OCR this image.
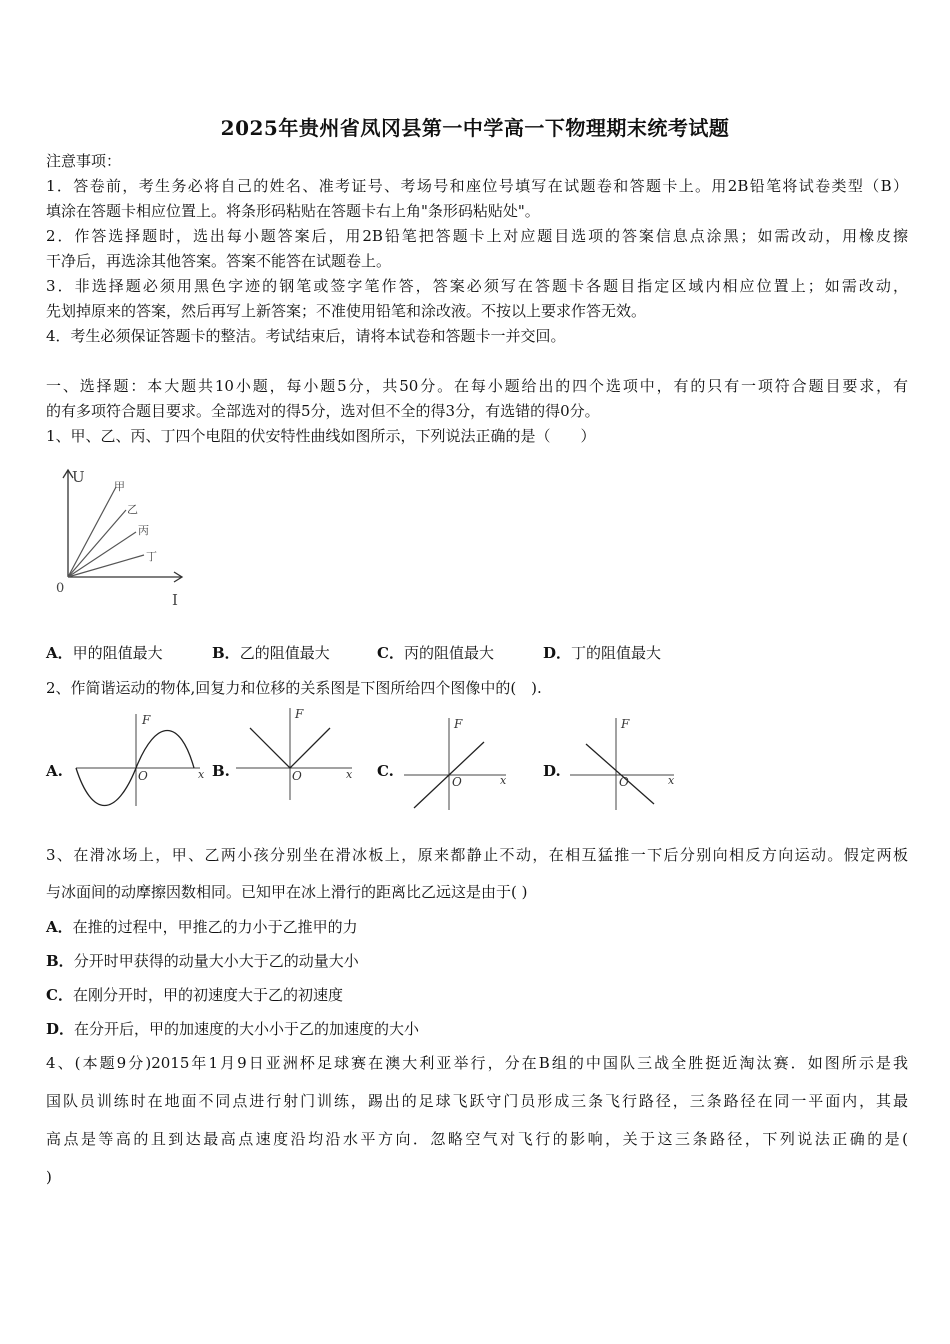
2025年贵州省凤冈县第一中学高一下物理期末统考试题
注意事项：
1．答卷前，考生务必将自己的姓名、准考证号、考场号和座位号填写在试题卷和答题卡上。用2B铅笔将试卷类型（B）
填涂在答题卡相应位置上。将条形码粘贴在答题卡右上角"条形码粘贴处"。
2．作答选择题时，选出每小题答案后，用2B铅笔把答题卡上对应题目选项的答案信息点涂黑；如需改动，用橡皮擦
干净后，再选涂其他答案。答案不能答在试题卷上。
3．非选择题必须用黑色字迹的钢笔或签字笔作答，答案必须写在答题卡各题目指定区域内相应位置上；如需改动，
先划掉原来的答案，然后再写上新答案；不准使用铅笔和涂改液。不按以上要求作答无效。
4．考生必须保证答题卡的整洁。考试结束后，请将本试卷和答题卡一并交回。
一、选择题：本大题共10小题，每小题5分，共50分。在每小题给出的四个选项中，有的只有一项符合题目要求，有
的有多项符合题目要求。全部选对的得5分，选对但不全的得3分，有选错的得0分。
1、甲、乙、丙、丁四个电阻的伏安特性曲线如图所示，下列说法正确的是（　　）
U
I
0
甲
乙
丙
丁
A．甲的阻值最大	B．乙的阻值最大	C．丙的阻值最大	D．丁的阻值最大
2、作简谐运动的物体,回复力和位移的关系图是下图所给四个图像中的(　).
A.
F
x
O	B.
F
x
O	C.
F
x
O
D.
F
x
O
3、在滑冰场上，甲、乙两小孩分别坐在滑冰板上，原来都静止不动，在相互猛推一下后分别向相反方向运动。假定两板
与冰面间的动摩擦因数相同。已知甲在冰上滑行的距离比乙远这是由于( )
A．在推的过程中，甲推乙的力小于乙推甲的力
B．分开时甲获得的动量大小大于乙的动量大小
C．在刚分开时，甲的初速度大于乙的初速度
D．在分开后，甲的加速度的大小小于乙的加速度的大小
4、(本题9分)2015年1月9日亚洲杯足球赛在澳大利亚举行，分在B组的中国队三战全胜挺近淘汰赛．如图所示是我
国队员训练时在地面不同点进行射门训练，踢出的足球飞跃守门员形成三条飞行路径，三条路径在同一平面内，其最
高点是等高的且到达最高点速度沿均沿水平方向．忽略空气对飞行的影响，关于这三条路径，下列说法正确的是(
)
